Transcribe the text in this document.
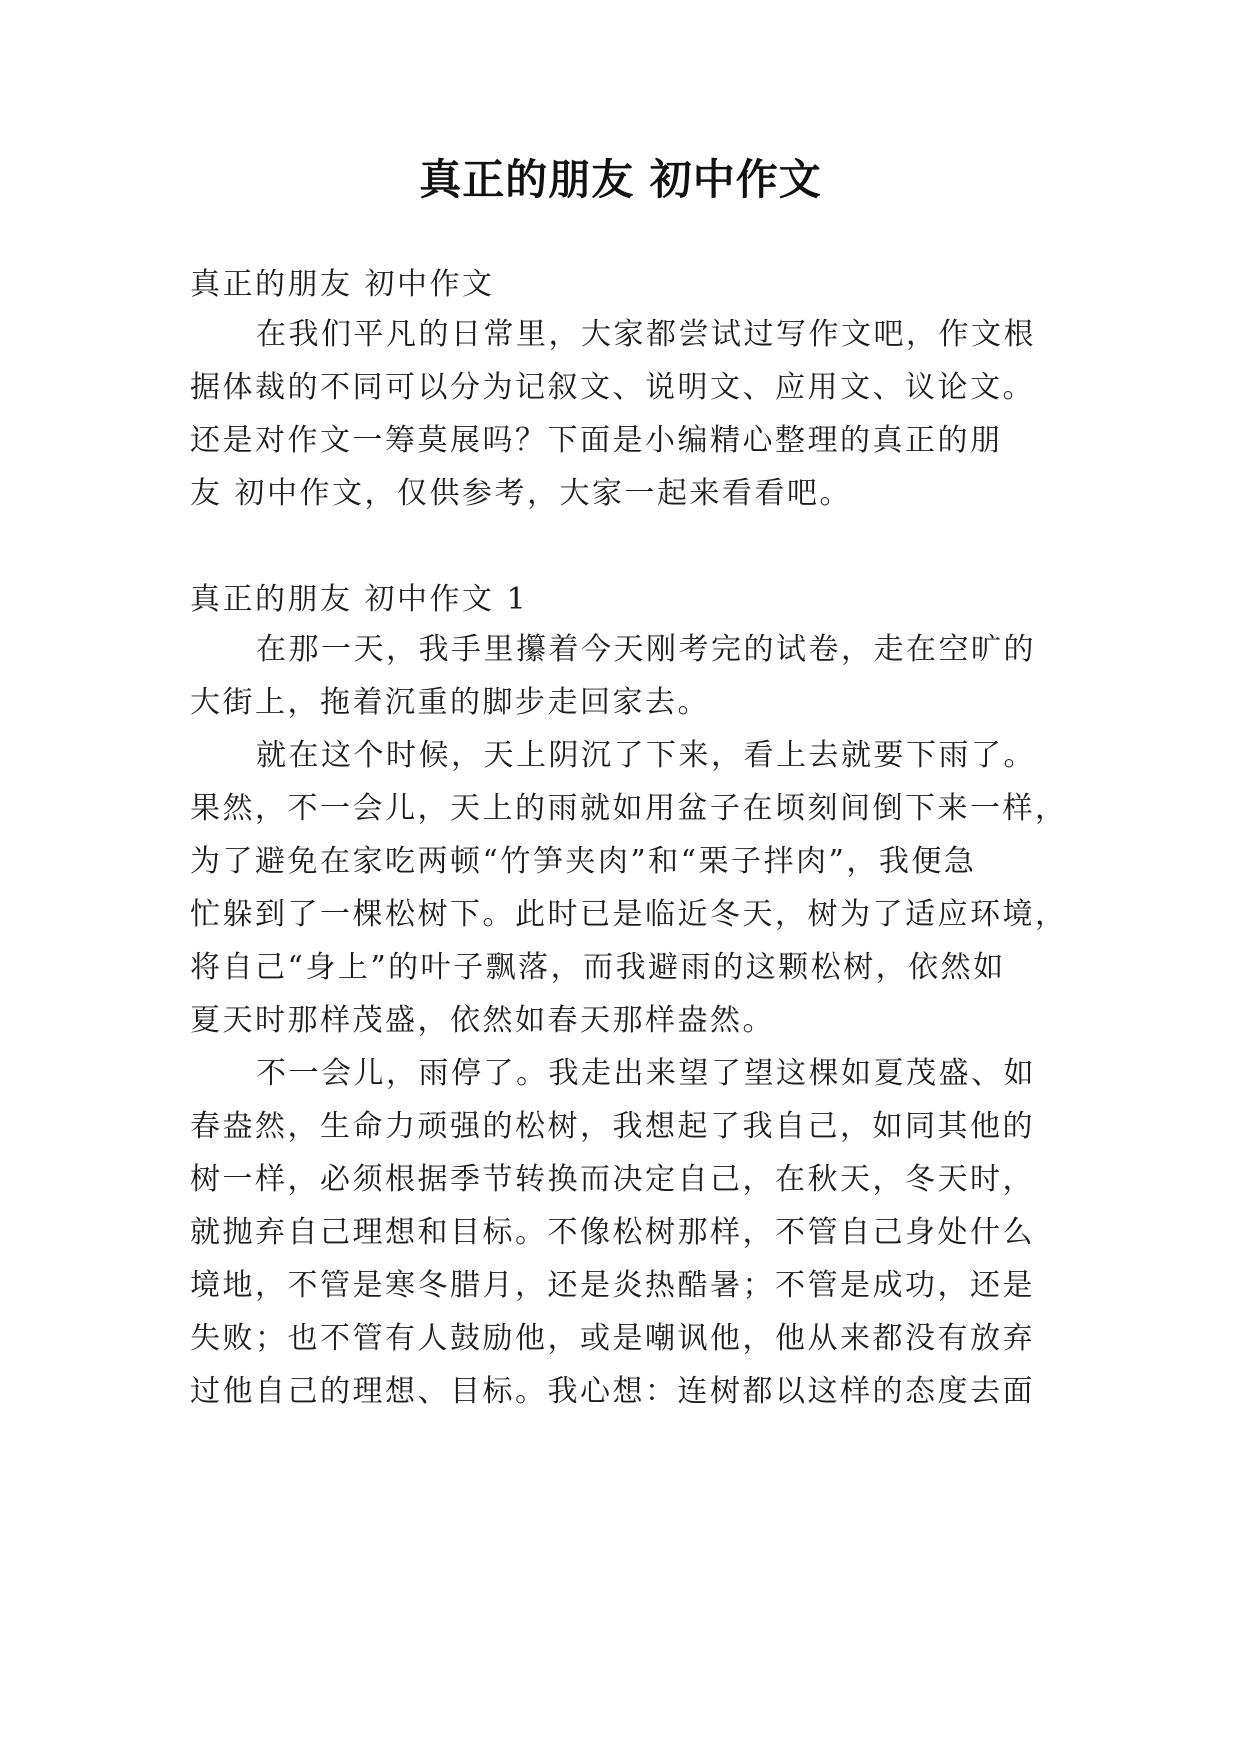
真正的朋友 初中作文

真正的朋友 初中作文

在我们平凡的日常里，大家都尝试过写作文吧，作文根

据体裁的不同可以分为记叙文、说明文、应用文、议论文。

还是对作文一筹莫展吗？下面是小编精心整理的真正的朋

友 初中作文，仅供参考，大家一起来看看吧。

真正的朋友 初中作文 1

在那一天，我手里攥着今天刚考完的试卷，走在空旷的

大街上，拖着沉重的脚步走回家去。

就在这个时候，天上阴沉了下来，看上去就要下雨了。

果然，不一会儿，天上的雨就如用盆子在顷刻间倒下来一样，

为了避免在家吃两顿“竹笋夹肉”和“栗子拌肉”，我便急

忙躲到了一棵松树下。此时已是临近冬天，树为了适应环境，

将自己“身上”的叶子飘落，而我避雨的这颗松树，依然如

夏天时那样茂盛，依然如春天那样盎然。

不一会儿，雨停了。我走出来望了望这棵如夏茂盛、如

春盎然，生命力顽强的松树，我想起了我自己，如同其他的

树一样，必须根据季节转换而决定自己，在秋天，冬天时，

就抛弃自己理想和目标。不像松树那样，不管自己身处什么

境地，不管是寒冬腊月，还是炎热酷暑；不管是成功，还是

失败；也不管有人鼓励他，或是嘲讽他，他从来都没有放弃

过他自己的理想、目标。我心想：连树都以这样的态度去面
